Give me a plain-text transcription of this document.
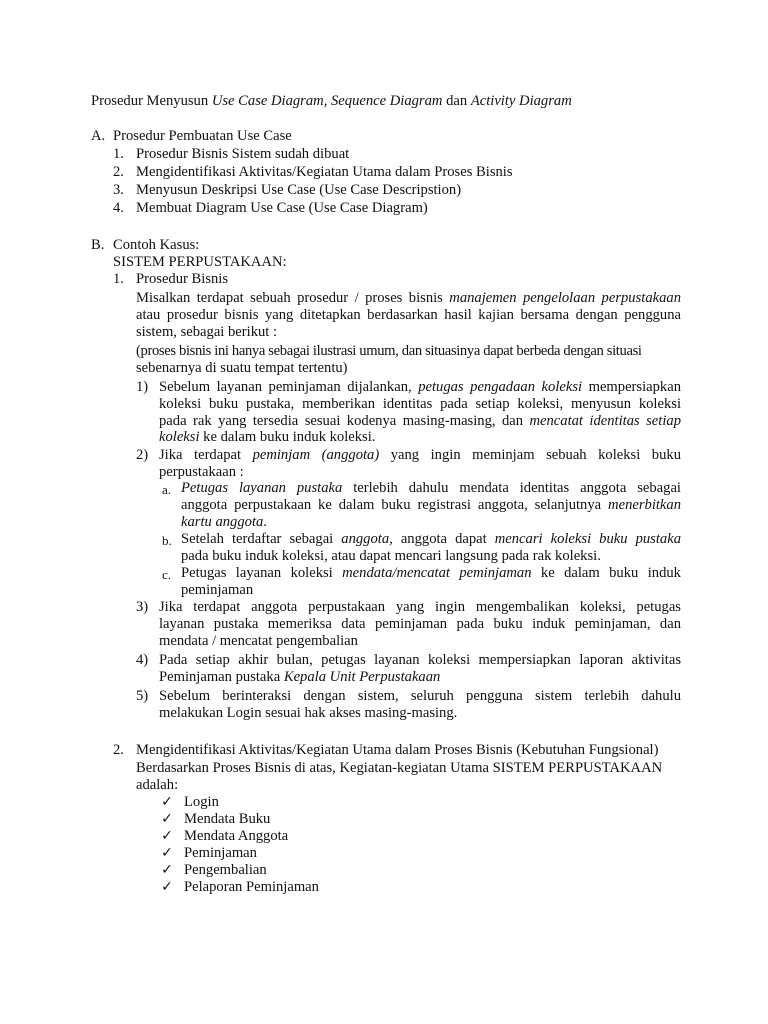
Prosedur Menyusun Use Case Diagram, Sequence Diagram dan Activity Diagram
A. Prosedur Pembuatan Use Case
1. Prosedur Bisnis Sistem sudah dibuat
2. Mengidentifikasi Aktivitas/Kegiatan Utama dalam Proses Bisnis
3. Menyusun Deskripsi Use Case (Use Case Descripstion)
4. Membuat Diagram Use Case (Use Case Diagram)
B. Contoh Kasus:
SISTEM PERPUSTAKAAN:
1. Prosedur Bisnis
Misalkan terdapat sebuah prosedur / proses bisnis manajemen pengelolaan perpustakaan
atau prosedur bisnis yang ditetapkan berdasarkan hasil kajian bersama dengan pengguna
sistem, sebagai berikut :
(proses bisnis ini hanya sebagai ilustrasi umum, dan situasinya dapat berbeda dengan situasi
sebenarnya di suatu tempat tertentu)
1) Sebelum layanan peminjaman dijalankan, petugas pengadaan koleksi mempersiapkan
koleksi buku pustaka, memberikan identitas pada setiap koleksi, menyusun koleksi
pada rak yang tersedia sesuai kodenya masing-masing, dan mencatat identitas setiap
koleksi ke dalam buku induk koleksi.
2) Jika terdapat peminjam (anggota) yang ingin meminjam sebuah koleksi buku
perpustakaan :
a. Petugas layanan pustaka terlebih dahulu mendata identitas anggota sebagai
anggota perpustakaan ke dalam buku registrasi anggota, selanjutnya menerbitkan
kartu anggota.
b. Setelah terdaftar sebagai anggota, anggota dapat mencari koleksi buku pustaka
pada buku induk koleksi, atau dapat mencari langsung pada rak koleksi.
c. Petugas layanan koleksi mendata/mencatat peminjaman ke dalam buku induk
peminjaman
3) Jika terdapat anggota perpustakaan yang ingin mengembalikan koleksi, petugas
layanan pustaka memeriksa data peminjaman pada buku induk peminjaman, dan
mendata / mencatat pengembalian
4) Pada setiap akhir bulan, petugas layanan koleksi mempersiapkan laporan aktivitas
Peminjaman pustaka Kepala Unit Perpustakaan
5) Sebelum berinteraksi dengan sistem, seluruh pengguna sistem terlebih dahulu
melakukan Login sesuai hak akses masing-masing.
2. Mengidentifikasi Aktivitas/Kegiatan Utama dalam Proses Bisnis (Kebutuhan Fungsional)
Berdasarkan Proses Bisnis di atas, Kegiatan-kegiatan Utama SISTEM PERPUSTAKAAN
adalah:
✓ Login
✓ Mendata Buku
✓ Mendata Anggota
✓ Peminjaman
✓ Pengembalian
✓ Pelaporan Peminjaman
